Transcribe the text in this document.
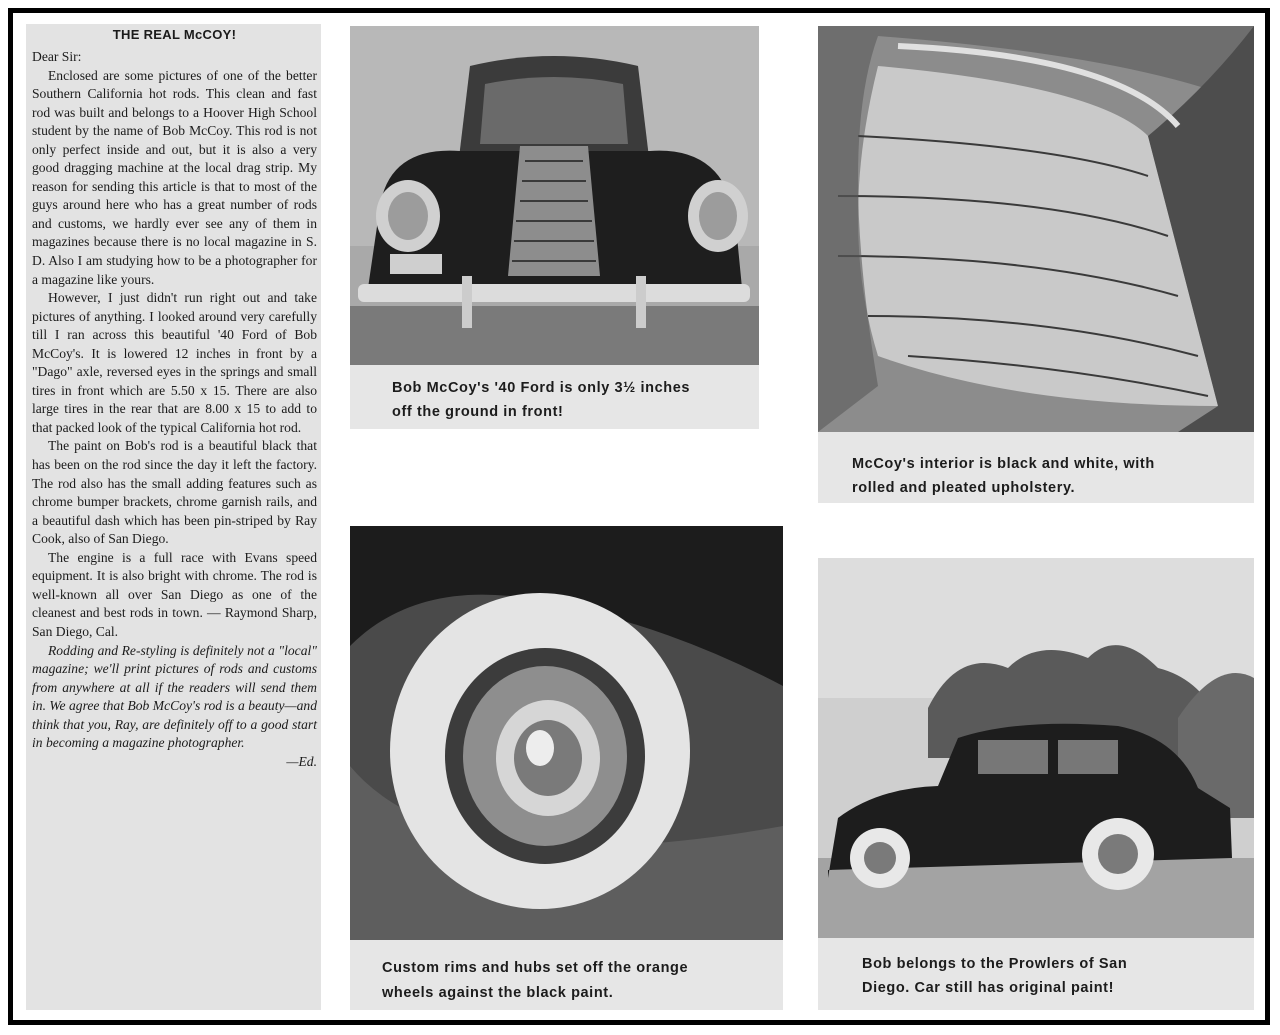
THE REAL McCOY!

Dear Sir:

Enclosed are some pictures of one of the better Southern California hot rods. This clean and fast rod was built and belongs to a Hoover High School student by the name of Bob McCoy. This rod is not only perfect inside and out, but it is also a very good dragging machine at the local drag strip. My reason for sending this article is that to most of the guys around here who has a great number of rods and customs, we hardly ever see any of them in magazines because there is no local magazine in S. D. Also I am studying how to be a photographer for a magazine like yours.

However, I just didn't run right out and take pictures of anything. I looked around very carefully till I ran across this beautiful '40 Ford of Bob McCoy's. It is lowered 12 inches in front by a "Dago" axle, reversed eyes in the springs and small tires in front which are 5.50 x 15. There are also large tires in the rear that are 8.00 x 15 to add to that packed look of the typical California hot rod.

The paint on Bob's rod is a beautiful black that has been on the rod since the day it left the factory. The rod also has the small adding features such as chrome bumper brackets, chrome garnish rails, and a beautiful dash which has been pin-striped by Ray Cook, also of San Diego.

The engine is a full race with Evans speed equipment. It is also bright with chrome. The rod is well-known all over San Diego as one of the cleanest and best rods in town. — Raymond Sharp, San Diego, Cal.

Rodding and Re-styling is definitely not a "local" magazine; we'll print pictures of rods and customs from anywhere at all if the readers will send them in. We agree that Bob McCoy's rod is a beauty—and think that you, Ray, are definitely off to a good start in becoming a magazine photographer.

—Ed.
Bob McCoy's '40 Ford is only 3½ inches
off the ground in front!
McCoy's interior is black and white, with
rolled and pleated upholstery.
Custom rims and hubs set off the orange
wheels against the black paint.
Bob belongs to the Prowlers of San
Diego. Car still has original paint!
